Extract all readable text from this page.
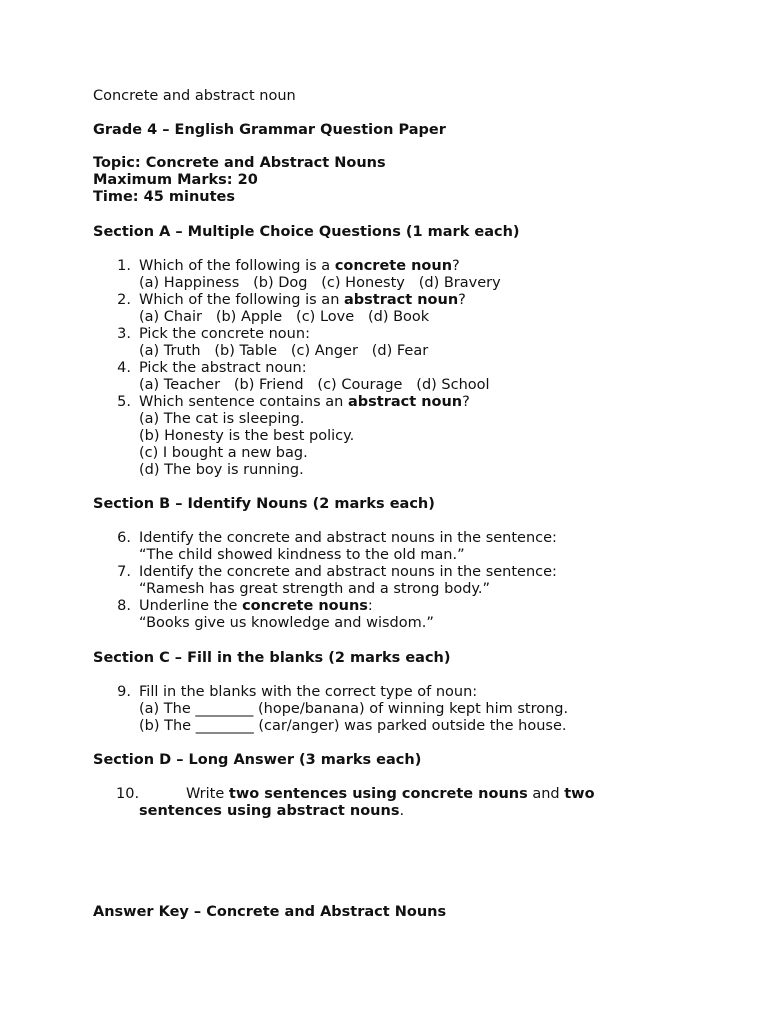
Concrete and abstract noun
Grade 4 – English Grammar Question Paper
Topic: Concrete and Abstract Nouns
Maximum Marks: 20
Time: 45 minutes
Section A – Multiple Choice Questions (1 mark each)
1. Which of the following is a concrete noun?
(a) Happiness   (b) Dog   (c) Honesty   (d) Bravery
2. Which of the following is an abstract noun?
(a) Chair   (b) Apple   (c) Love   (d) Book
3. Pick the concrete noun:
(a) Truth   (b) Table   (c) Anger   (d) Fear
4. Pick the abstract noun:
(a) Teacher   (b) Friend   (c) Courage   (d) School
5. Which sentence contains an abstract noun?
(a) The cat is sleeping.
(b) Honesty is the best policy.
(c) I bought a new bag.
(d) The boy is running.
Section B – Identify Nouns (2 marks each)
6. Identify the concrete and abstract nouns in the sentence:
“The child showed kindness to the old man.”
7. Identify the concrete and abstract nouns in the sentence:
“Ramesh has great strength and a strong body.”
8. Underline the concrete nouns:
“Books give us knowledge and wisdom.”
Section C – Fill in the blanks (2 marks each)
9. Fill in the blanks with the correct type of noun:
(a) The ________ (hope/banana) of winning kept him strong.
(b) The ________ (car/anger) was parked outside the house.
Section D – Long Answer (3 marks each)
10.	Write two sentences using concrete nouns and two
sentences using abstract nouns.
Answer Key – Concrete and Abstract Nouns
